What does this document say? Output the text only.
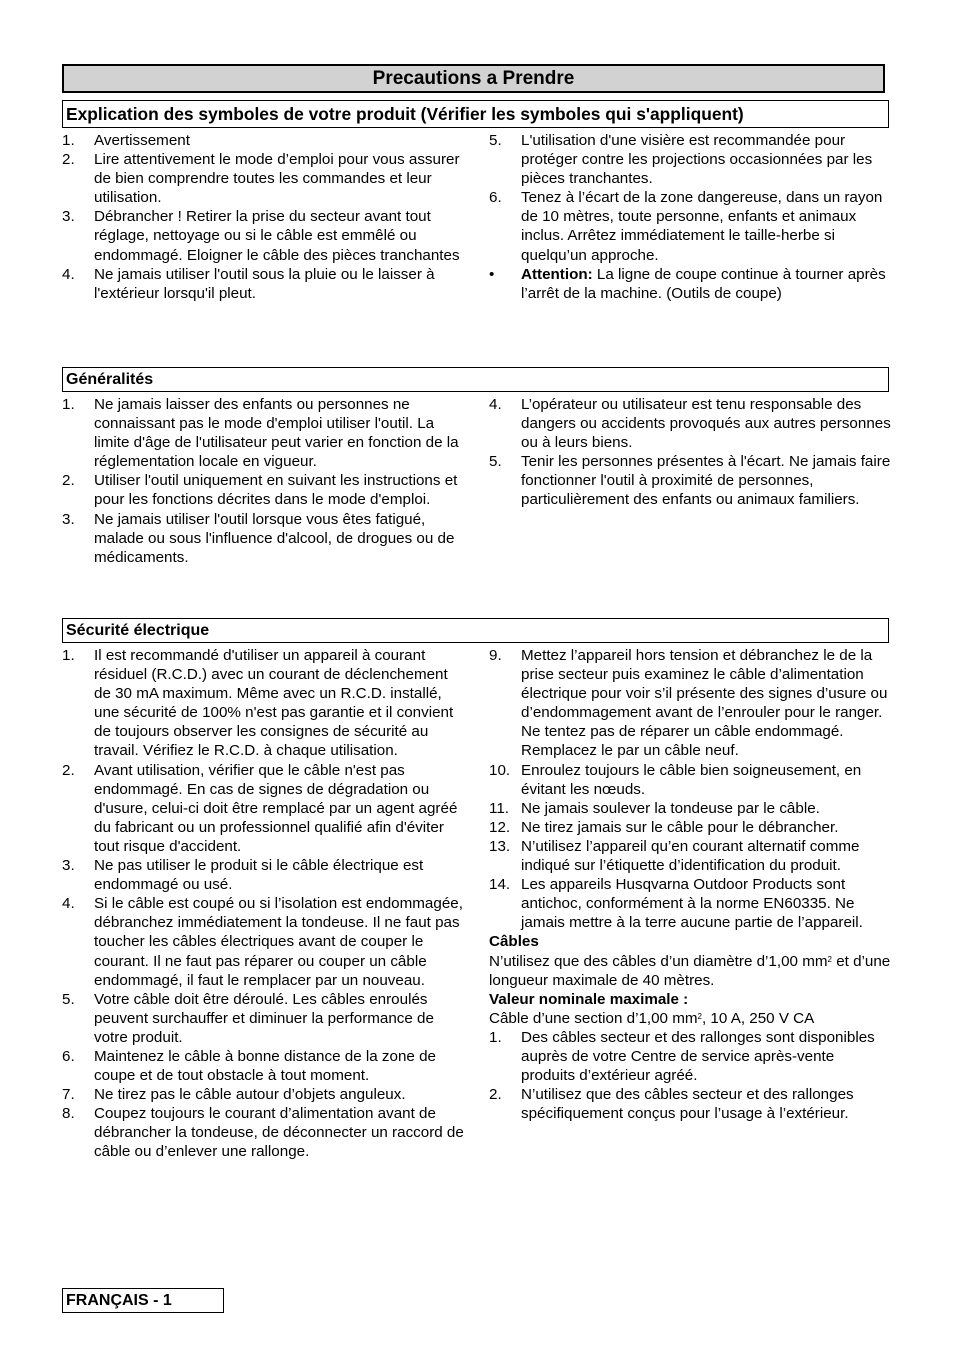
Precautions a Prendre
Explication des symboles de votre produit (Vérifier les symboles qui s'appliquent)
1. Avertissement
2. Lire attentivement le mode d’emploi pour vous assurer de bien comprendre toutes les commandes et leur utilisation.
3. Débrancher ! Retirer la prise du secteur avant tout réglage, nettoyage ou si le câble est emmêlé ou endommagé. Eloigner le câble des pièces tranchantes
4. Ne jamais utiliser l'outil sous la pluie ou le laisser à l'extérieur lorsqu'il pleut.
5. L'utilisation d'une visière est recommandée pour protéger contre les projections occasionnées par les pièces tranchantes.
6. Tenez à l’écart de la zone dangereuse, dans un rayon de 10 mètres, toute personne, enfants et animaux inclus. Arrêtez immédiatement le taille-herbe si quelqu’un approche.
• Attention: La ligne de coupe continue à tourner après l’arrêt de la machine. (Outils de coupe)
Généralités
1. Ne jamais laisser des enfants ou personnes ne connaissant pas le mode d'emploi utiliser l'outil. La limite d'âge de l'utilisateur peut varier en fonction de la réglementation locale en vigueur.
2. Utiliser l'outil uniquement en suivant les instructions et pour les fonctions décrites dans le mode d'emploi.
3. Ne jamais utiliser l'outil lorsque vous êtes fatigué, malade ou sous l'influence d'alcool, de drogues ou de médicaments.
4. L’opérateur ou utilisateur est tenu responsable des dangers ou accidents provoqués aux autres personnes ou à leurs biens.
5. Tenir les personnes présentes à l'écart. Ne jamais faire fonctionner l'outil à proximité de personnes, particulièrement des enfants ou animaux familiers.
Sécurité électrique
1. Il est recommandé d'utiliser un appareil à courant résiduel (R.C.D.) avec un courant de déclenchement de 30 mA maximum. Même avec un R.C.D. installé, une sécurité de 100% n'est pas garantie et il convient de toujours observer les consignes de sécurité au travail. Vérifiez le R.C.D. à chaque utilisation.
2. Avant utilisation, vérifier que le câble n'est pas endommagé. En cas de signes de dégradation ou d'usure, celui-ci doit être remplacé par un agent agréé du fabricant ou un professionnel qualifié afin d'éviter tout risque d'accident.
3. Ne pas utiliser le produit si le câble électrique est endommagé ou usé.
4. Si le câble est coupé ou si l’isolation est endommagée, débranchez immédiatement la tondeuse. Il ne faut pas toucher les câbles électriques avant de couper le courant. Il ne faut pas réparer ou couper un câble endommagé, il faut le remplacer par un nouveau.
5. Votre câble doit être déroulé. Les câbles enroulés peuvent surchauffer et diminuer la performance de votre produit.
6. Maintenez le câble à bonne distance de la zone de coupe et de tout obstacle à tout moment.
7. Ne tirez pas le câble autour d’objets anguleux.
8. Coupez toujours le courant d’alimentation avant de débrancher la tondeuse, de déconnecter un raccord de câble ou d’enlever une rallonge.
9. Mettez l’appareil hors tension et débranchez le de la prise secteur puis examinez le câble d’alimentation électrique pour voir s’il présente des signes d’usure ou d’endommagement avant de l’enrouler pour le ranger. Ne tentez pas de réparer un câble endommagé. Remplacez le par un câble neuf.
10. Enroulez toujours le câble bien soigneusement, en évitant les nœuds.
11. Ne jamais soulever la tondeuse par le câble.
12. Ne tirez jamais sur le câble pour le débrancher.
13. N’utilisez l’appareil qu’en courant alternatif comme indiqué sur l’étiquette d’identification du produit.
14. Les appareils Husqvarna Outdoor Products sont antichoc, conformément à la norme EN60335. Ne jamais mettre à la terre aucune partie de l’appareil.
Câbles
N’utilisez que des câbles d’un diamètre d’1,00 $mm^2$ et d’une longueur maximale de 40 mètres.
Valeur nominale maximale :
Câble d’une section d’1,00 $mm^2$, 10 A, 250 V CA
1. Des câbles secteur et des rallonges sont disponibles auprès de votre Centre de service après-vente produits d’extérieur agréé.
2. N’utilisez que des câbles secteur et des rallonges spécifiquement conçus pour l’usage à l’extérieur.
FRANÇAIS - 1
